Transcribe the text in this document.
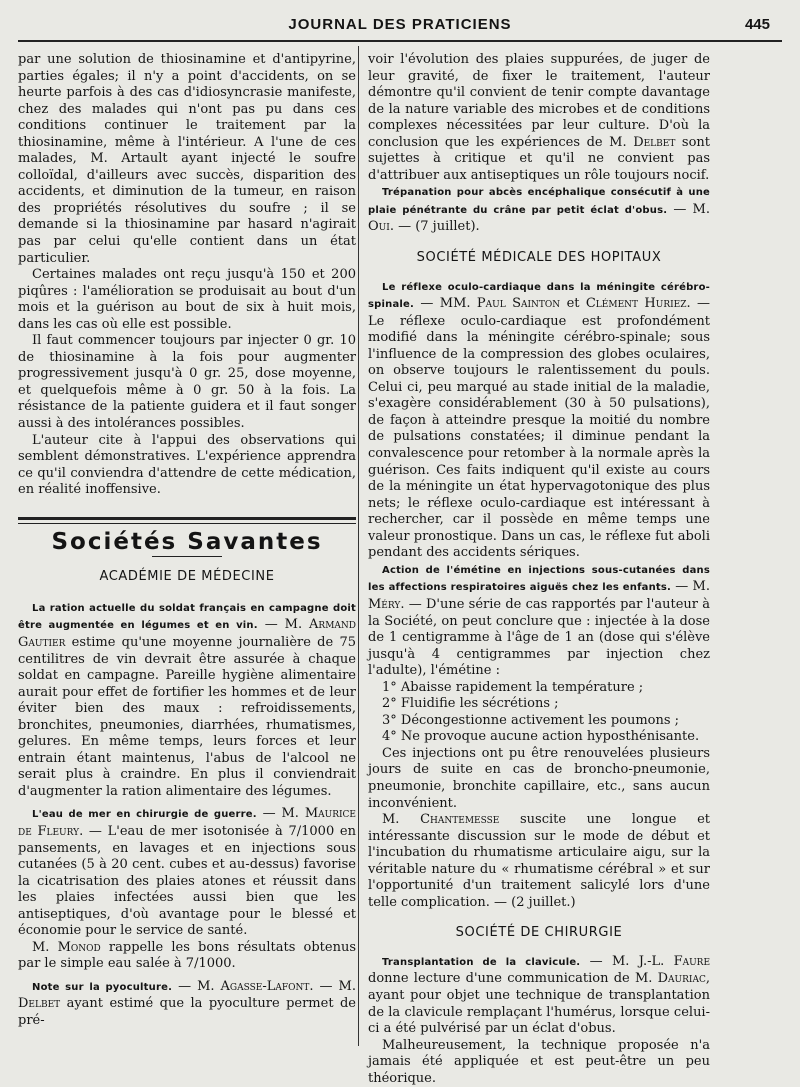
JOURNAL DES PRATICIENS	445

par une solution de thiosinamine et d'antipyrine, parties égales; il n'y a point d'accidents, on se heurte parfois à des cas d'idiosyncrasie manifeste, chez des malades qui n'ont pas pu dans ces conditions continuer le traitement par la thiosinamine, même à l'intérieur. A l'une de ces malades, M. Artault ayant injecté le soufre colloïdal, d'ailleurs avec succès, disparition des accidents, et diminution de la tumeur, en raison des propriétés résolutives du soufre ; il se demande si la thiosinamine par hasard n'agirait pas par celui qu'elle contient dans un état particulier.

Certaines malades ont reçu jusqu'à 150 et 200 piqûres : l'amélioration se produisait au bout d'un mois et la guérison au bout de six à huit mois, dans les cas où elle est possible.

Il faut commencer toujours par injecter 0 gr. 10 de thiosinamine à la fois pour augmenter progressivement jusqu'à 0 gr. 25, dose moyenne, et quelquefois même à 0 gr. 50 à la fois. La résistance de la patiente guidera et il faut songer aussi à des intolérances possibles.

L'auteur cite à l'appui des observations qui semblent démonstratives. L'expérience apprendra ce qu'il conviendra d'attendre de cette médication, en réalité inoffensive.

Sociétés Savantes
ACADÉMIE DE MÉDECINE

La ration actuelle du soldat français en campagne doit être augmentée en légumes et en vin. — M. Armand Gautier estime qu'une moyenne journalière de 75 centilitres de vin devrait être assurée à chaque soldat en campagne. Pareille hygiène alimentaire aurait pour effet de fortifier les hommes et de leur éviter bien des maux : refroidissements, bronchites, pneumonies, diarrhées, rhumatismes, gelures. En même temps, leurs forces et leur entrain étant maintenus, l'abus de l'alcool ne serait plus à craindre. En plus il conviendrait d'augmenter la ration alimentaire des légumes.

L'eau de mer en chirurgie de guerre. — M. Maurice de Fleury. — L'eau de mer isotonisée à 7/1000 en pansements, en lavages et en injections sous cutanées (5 à 20 cent. cubes et au-dessus) favorise la cicatrisation des plaies atones et réussit dans les plaies infectées aussi bien que les antiseptiques, d'où avantage pour le blessé et économie pour le service de santé.

M. Monod rappelle les bons résultats obtenus par le simple eau salée à 7/1000.

Note sur la pyoculture. — M. Agasse-Lafont. — M. Delbet ayant estimé que la pyoculture permet de pré-

voir l'évolution des plaies suppurées, de juger de leur gravité, de fixer le traitement, l'auteur démontre qu'il convient de tenir compte davantage de la nature variable des microbes et de conditions complexes nécessitées par leur culture. D'où la conclusion que les expériences de M. Delbet sont sujettes à critique et qu'il ne convient pas d'attribuer aux antiseptiques un rôle toujours nocif.

Trépanation pour abcès encéphalique consécutif à une plaie pénétrante du crâne par petit éclat d'obus. — M. Oui. — (7 juillet).

SOCIÉTÉ MÉDICALE DES HOPITAUX

Le réflexe oculo-cardiaque dans la méningite cérébro-spinale. — MM. Paul Sainton et Clément Huriez. — Le réflexe oculo-cardiaque est profondément modifié dans la méningite cérébro-spinale; sous l'influence de la compression des globes oculaires, on observe toujours le ralentissement du pouls. Celui ci, peu marqué au stade initial de la maladie, s'exagère considérablement (30 à 50 pulsations), de façon à atteindre presque la moitié du nombre de pulsations constatées; il diminue pendant la convalescence pour retomber à la normale après la guérison. Ces faits indiquent qu'il existe au cours de la méningite un état hypervagotonique des plus nets; le réflexe oculo-cardiaque est intéressant à rechercher, car il possède en même temps une valeur pronostique. Dans un cas, le réflexe fut aboli pendant des accidents sériques.

Action de l'émétine en injections sous-cutanées dans les affections respiratoires aiguës chez les enfants. — M. Méry. — D'une série de cas rapportés par l'auteur à la Société, on peut conclure que : injectée à la dose de 1 centigramme à l'âge de 1 an (dose qui s'élève jusqu'à 4 centigrammes par injection chez l'adulte), l'émétine :

1° Abaisse rapidement la température ;

2° Fluidifie les sécrétions ;

3° Décongestionne activement les poumons ;

4° Ne provoque aucune action hyposthénisante.

Ces injections ont pu être renouvelées plusieurs jours de suite en cas de broncho-pneumonie, pneumonie, bronchite capillaire, etc., sans aucun inconvénient.

M. Chantemesse suscite une longue et intéressante discussion sur le mode de début et l'incubation du rhumatisme articulaire aigu, sur la véritable nature du « rhumatisme cérébral » et sur l'opportunité d'un traitement salicylé lors d'une telle complication. — (2 juillet.)

SOCIÉTÉ DE CHIRURGIE

Transplantation de la clavicule. — M. J.-L. Faure donne lecture d'une communication de M. Dauriac, ayant pour objet une technique de transplantation de la clavicule remplaçant l'humérus, lorsque celui-ci a été pulvérisé par un éclat d'obus.

Malheureusement, la technique proposée n'a jamais été appliquée et est peut-être un peu théorique.
